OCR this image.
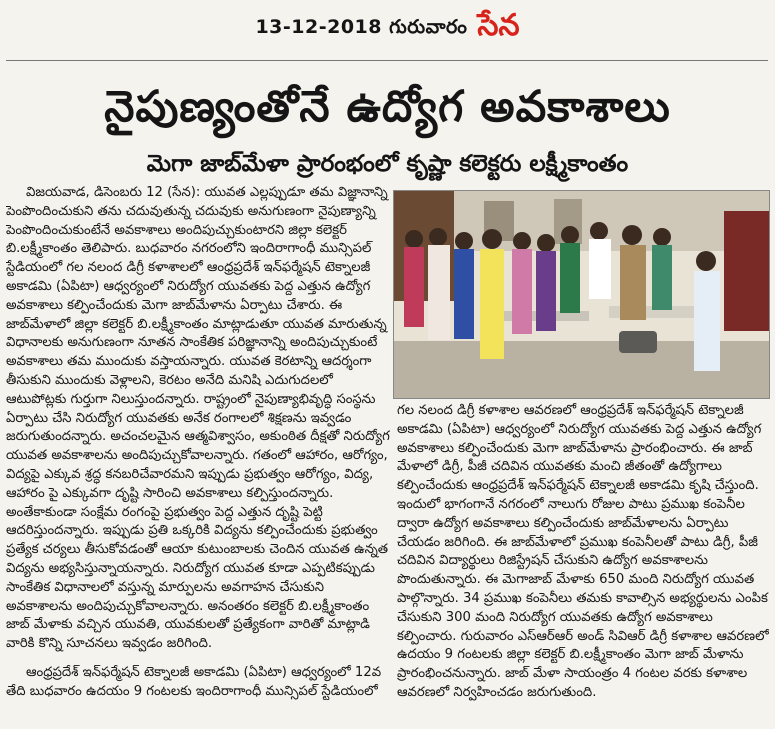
13-12-2018 గురువారం సేన
నైపుణ్యంతోనే ఉద్యోగ అవకాశాలు
మెగా జాబ్‌మేళా ప్రారంభంలో కృష్ణా కలెక్టరు లక్ష్మీకాంతం

విజయవాడ, డిసెంబరు 12 (సేన): యువత ఎల్లప్పుడూ తమ విజ్ఞానాన్ని పెంపొందించుకుని తను చదువుతున్న చదువుకు అనుగుణంగా నైపుణ్యాన్ని పెంపొందించుకుంటేనే అవకాశాలు అందిపుచ్చుకుంటారని జిల్లా కలెక్టర్ బి.లక్ష్మీకాంతం తెలిపారు. బుధవారం నగరంలోని ఇందిరాగాంధీ మున్సిపల్ స్టేడియంలో గల నలంద డిగ్రీ కళాశాలలో ఆంధ్రప్రదేశ్ ఇన్‌ఫర్మేషన్ టెక్నాలజీ అకాడమి (ఏపిటా) ఆధ్వర్యంలో నిరుద్యోగ యువతకు పెద్ద ఎత్తున ఉద్యోగ అవకాశాలు కల్పించేందుకు మెగా జాబ్‌మేళాను ఏర్పాటు చేశారు. ఈ జాబ్‌మేళాలో జిల్లా కలెక్టర్ బి.లక్ష్మీకాంతం మాట్లాడుతూ యువత మారుతున్న విధానాలకు అనుగుణంగా నూతన సాంకేతిక పరిజ్ఞానాన్ని అందిపుచ్చుకుంటే అవకాశాలు తమ ముందుకు వస్తాయన్నారు. యువత కెరటాన్ని ఆదర్శంగా తీసుకుని ముందుకు వెళ్లాలని, కెరటం అనేది మనిషి ఎదుగుదలలో ఆటుపోట్లకు గుర్తుగా నిలుస్తుందన్నారు. రాష్ట్రంలో నైపుణ్యాభివృద్ధి సంస్థను ఏర్పాటు చేసి నిరుద్యోగ యువతకు అనేక రంగాలలో శిక్షణను ఇవ్వడం జరుగుతుందన్నారు. అచంచలమైన ఆత్మవిశ్వాసం, అకుంఠిత దీక్షతో నిరుద్యోగ యువత అవకాశాలను అందిపుచ్చుకోవాలన్నారు. గతంలో ఆహారం, ఆరోగ్యం, విద్యపై ఎక్కువ శ్రద్ధ కనబరిచేవారమని ఇప్పుడు ప్రభుత్వం ఆరోగ్యం, విద్య, ఆహారం పై ఎక్కువగా దృష్టి సారించి అవకాశాలు కల్పిస్తుందన్నారు. అంతేకాకుండా సంక్షేమ రంగంపై ప్రభుత్వం పెద్ద ఎత్తున దృష్టి పెట్టి ఆదరిస్తుందన్నారు. ఇప్పుడు ప్రతి ఒక్కరికి విద్యను కల్పించేందుకు ప్రభుత్వం ప్రత్యేక చర్యలు తీసుకోవడంతో ఆయా కుటుంబాలకు చెందిన యువత ఉన్నత విద్యను అభ్యసిస్తున్నాయన్నారు. నిరుద్యోగ యువత కూడా ఎప్పటికప్పుడు సాంకేతిక విధానాలలో వస్తున్న మార్పులను అవగాహన చేసుకుని అవకాశాలను అందిపుచ్చుకోవాలన్నారు. అనంతరం కలెక్టర్ బి.లక్ష్మీకాంతం జాబ్ మేళాకు వచ్చిన యువతి, యువకులతో ప్రత్యేకంగా వారితో మాట్లాడి వారికి కొన్ని సూచనలు ఇవ్వడం జరిగింది.

ఆంధ్రప్రదేశ్ ఇన్‌ఫర్మేషన్ టెక్నాలజీ అకాడమి (ఏపిటా) ఆధ్వర్యంలో 12వ తేది బుధవారం ఉదయం 9 గంటలకు ఇందిరాగాంధీ మున్సిపల్ స్టేడియంలో

గల నలంద డిగ్రీ కళాశాల ఆవరణలో ఆంధ్రప్రదేశ్ ఇన్‌ఫర్మేషన్ టెక్నాలజీ అకాడమి (ఏపిటా) ఆధ్వర్యంలో నిరుద్యోగ యువతకు పెద్ద ఎత్తున ఉద్యోగ అవకాశాలు కల్పించేందుకు మెగా జాబ్‌మేళాను ప్రారంభించారు. ఈ జాబ్ మేళాలో డిగ్రీ, పీజీ చదివిన యువతకు మంచి జీతంతో ఉద్యోగాలు కల్పించేందుకు ఆంధ్రప్రదేశ్ ఇన్‌ఫర్మేషన్ టెక్నాలజీ అకాడమి కృషి చేస్తుంది. ఇందులో భాగంగానే నగరంలో నాలుగు రోజుల పాటు ప్రముఖ కంపెనీల ద్వారా ఉద్యోగ అవకాశాలు కల్పించేందుకు జాబ్‌మేళాలను ఏర్పాటు చేయడం జరిగింది. ఈ జాబ్‌మేళాలో ప్రముఖ కంపెనీలతో పాటు డిగ్రీ, పీజీ చదివిన విద్యార్థులు రిజిస్ట్రేషన్ చేసుకుని ఉద్యోగ అవకాశాలను పొందుతున్నారు. ఈ మెగాజాబ్ మేళాకు 650 మంది నిరుద్యోగ యువత పాల్గొన్నారు. 34 ప్రముఖ కంపెనీలు తమకు కావాల్సిన అభ్యర్థులను ఎంపిక చేసుకుని 300 మంది నిరుద్యోగ యువతకు ఉద్యోగ అవకాశాలు కల్పించారు. గురువారం ఎస్ఆర్ఆర్ అండ్ సివిఆర్ డిగ్రీ కళాశాల ఆవరణలో ఉదయం 9 గంటలకు జిల్లా కలెక్టర్ బి.లక్ష్మీకాంతం మెగా జాబ్ మేళాను ప్రారంభించనున్నారు. జాబ్ మేళా సాయంత్రం 4 గంటల వరకు కళాశాల ఆవరణలో నిర్వహించడం జరుగుతుంది.
